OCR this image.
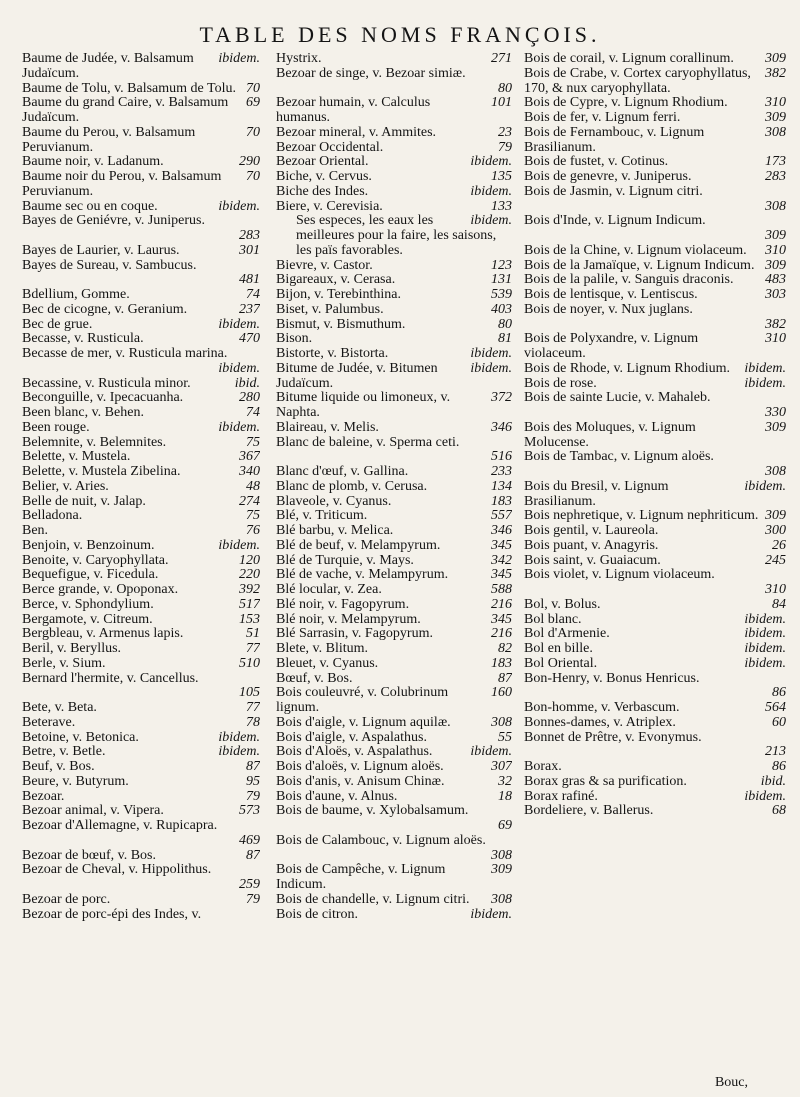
TABLE DES NOMS FRANÇOIS.
ibidem.
Baume de Judée, v. Balsamum Judaïcum.
70
Baume de Tolu, v. Balsamum de Tolu.
69
Baume du grand Caire, v. Balsamum Judaïcum.
70
Baume du Perou, v. Balsamum Peruvianum.
290
Baume noir, v. Ladanum.
70
Baume noir du Perou, v. Balsamum Peruvianum.
ibidem.
Baume sec ou en coque.
Bayes de Geniévre, v. Juniperus.
283
301
Bayes de Laurier, v. Laurus.
Bayes de Sureau, v. Sambucus.
481
74
Bdellium, Gomme.
237
Bec de cicogne, v. Geranium.
ibidem.
Bec de grue.
470
Becasse, v. Rusticula.
Becasse de mer, v. Rusticula marina.
ibidem.
ibid.
Becassine, v. Rusticula minor.
280
Beconguille, v. Ipecacuanha.
74
Been blanc, v. Behen.
ibidem.
Been rouge.
75
Belemnite, v. Belemnites.
367
Belette, v. Mustela.
340
Belette, v. Mustela Zibelina.
48
Belier, v. Aries.
274
Belle de nuit, v. Jalap.
75
Belladona.
76
Ben.
ibidem.
Benjoin, v. Benzoinum.
120
Benoite, v. Caryophyllata.
220
Bequefigue, v. Ficedula.
392
Berce grande, v. Opoponax.
517
Berce, v. Sphondylium.
153
Bergamote, v. Citreum.
51
Bergbleau, v. Armenus lapis.
77
Beril, v. Beryllus.
510
Berle, v. Sium.
Bernard l'hermite, v. Cancellus.
105
77
Bete, v. Beta.
78
Beterave.
ibidem.
Betoine, v. Betonica.
ibidem.
Betre, v. Betle.
87
Beuf, v. Bos.
95
Beure, v. Butyrum.
79
Bezoar.
573
Bezoar animal, v. Vipera.
Bezoar d'Allemagne, v. Rupicapra.
469
87
Bezoar de bœuf, v. Bos.
Bezoar de Cheval, v. Hippolithus.
259
79
Bezoar de porc.
Bezoar de porc-épi des Indes, v.
271
Hystrix.
Bezoar de singe, v. Bezoar simiæ.
80
101
Bezoar humain, v. Calculus humanus.
23
Bezoar mineral, v. Ammites.
79
Bezoar Occidental.
ibidem.
Bezoar Oriental.
135
Biche, v. Cervus.
ibidem.
Biche des Indes.
133
Biere, v. Cerevisia.
ibidem.
Ses especes, les eaux les meilleures pour la faire, les saisons, les païs favorables.
123
Bievre, v. Castor.
131
Bigareaux, v. Cerasa.
539
Bijon, v. Terebinthina.
403
Biset, v. Palumbus.
80
Bismut, v. Bismuthum.
81
Bison.
ibidem.
Bistorte, v. Bistorta.
ibidem.
Bitume de Judée, v. Bitumen Judaïcum.
372
Bitume liquide ou limoneux, v. Naphta.
346
Blaireau, v. Melis.
Blanc de baleine, v. Sperma ceti.
516
233
Blanc d'œuf, v. Gallina.
134
Blanc de plomb, v. Cerusa.
183
Blaveole, v. Cyanus.
557
Blé, v. Triticum.
346
Blé barbu, v. Melica.
345
Blé de beuf, v. Melampyrum.
342
Blé de Turquie, v. Mays.
345
Blé de vache, v. Melampyrum.
588
Blé locular, v. Zea.
216
Blé noir, v. Fagopyrum.
345
Blé noir, v. Melampyrum.
216
Blé Sarrasin, v. Fagopyrum.
82
Blete, v. Blitum.
183
Bleuet, v. Cyanus.
87
Bœuf, v. Bos.
160
Bois couleuvré, v. Colubrinum lignum.
308
Bois d'aigle, v. Lignum aquilæ.
55
Bois d'aigle, v. Aspalathus.
ibidem.
Bois d'Aloës, v. Aspalathus.
307
Bois d'aloës, v. Lignum aloës.
32
Bois d'anis, v. Anisum Chinæ.
18
Bois d'aune, v. Alnus.
Bois de baume, v. Xylobalsamum.
69
Bois de Calambouc, v. Lignum aloës.
308
309
Bois de Campêche, v. Lignum Indicum.
308
Bois de chandelle, v. Lignum citri.
ibidem.
Bois de citron.
309
Bois de corail, v. Lignum corallinum.
382
Bois de Crabe, v. Cortex caryophyllatus, 170, & nux caryophyllata.
310
Bois de Cypre, v. Lignum Rhodium.
309
Bois de fer, v. Lignum ferri.
308
Bois de Fernambouc, v. Lignum Brasilianum.
173
Bois de fustet, v. Cotinus.
283
Bois de genevre, v. Juniperus.
Bois de Jasmin, v. Lignum citri.
308
Bois d'Inde, v. Lignum Indicum.
309
310
Bois de la Chine, v. Lignum violaceum.
309
Bois de la Jamaïque, v. Lignum Indicum.
483
Bois de la palile, v. Sanguis draconis.
303
Bois de lentisque, v. Lentiscus.
Bois de noyer, v. Nux juglans.
382
310
Bois de Polyxandre, v. Lignum violaceum.
ibidem.
Bois de Rhode, v. Lignum Rhodium.
ibidem.
Bois de rose.
Bois de sainte Lucie, v. Mahaleb.
330
309
Bois des Moluques, v. Lignum Molucense.
Bois de Tambac, v. Lignum aloës.
308
ibidem.
Bois du Bresil, v. Lignum Brasilianum.
309
Bois nephretique, v. Lignum nephriticum.
300
Bois gentil, v. Laureola.
26
Bois puant, v. Anagyris.
245
Bois saint, v. Guaiacum.
Bois violet, v. Lignum violaceum.
310
84
Bol, v. Bolus.
ibidem.
Bol blanc.
ibidem.
Bol d'Armenie.
ibidem.
Bol en bille.
ibidem.
Bol Oriental.
Bon-Henry, v. Bonus Henricus.
86
564
Bon-homme, v. Verbascum.
60
Bonnes-dames, v. Atriplex.
Bonnet de Prêtre, v. Evonymus.
213
86
Borax.
ibid.
Borax gras & sa purification.
ibidem.
Borax rafiné.
68
Bordeliere, v. Ballerus.
Bouc,
